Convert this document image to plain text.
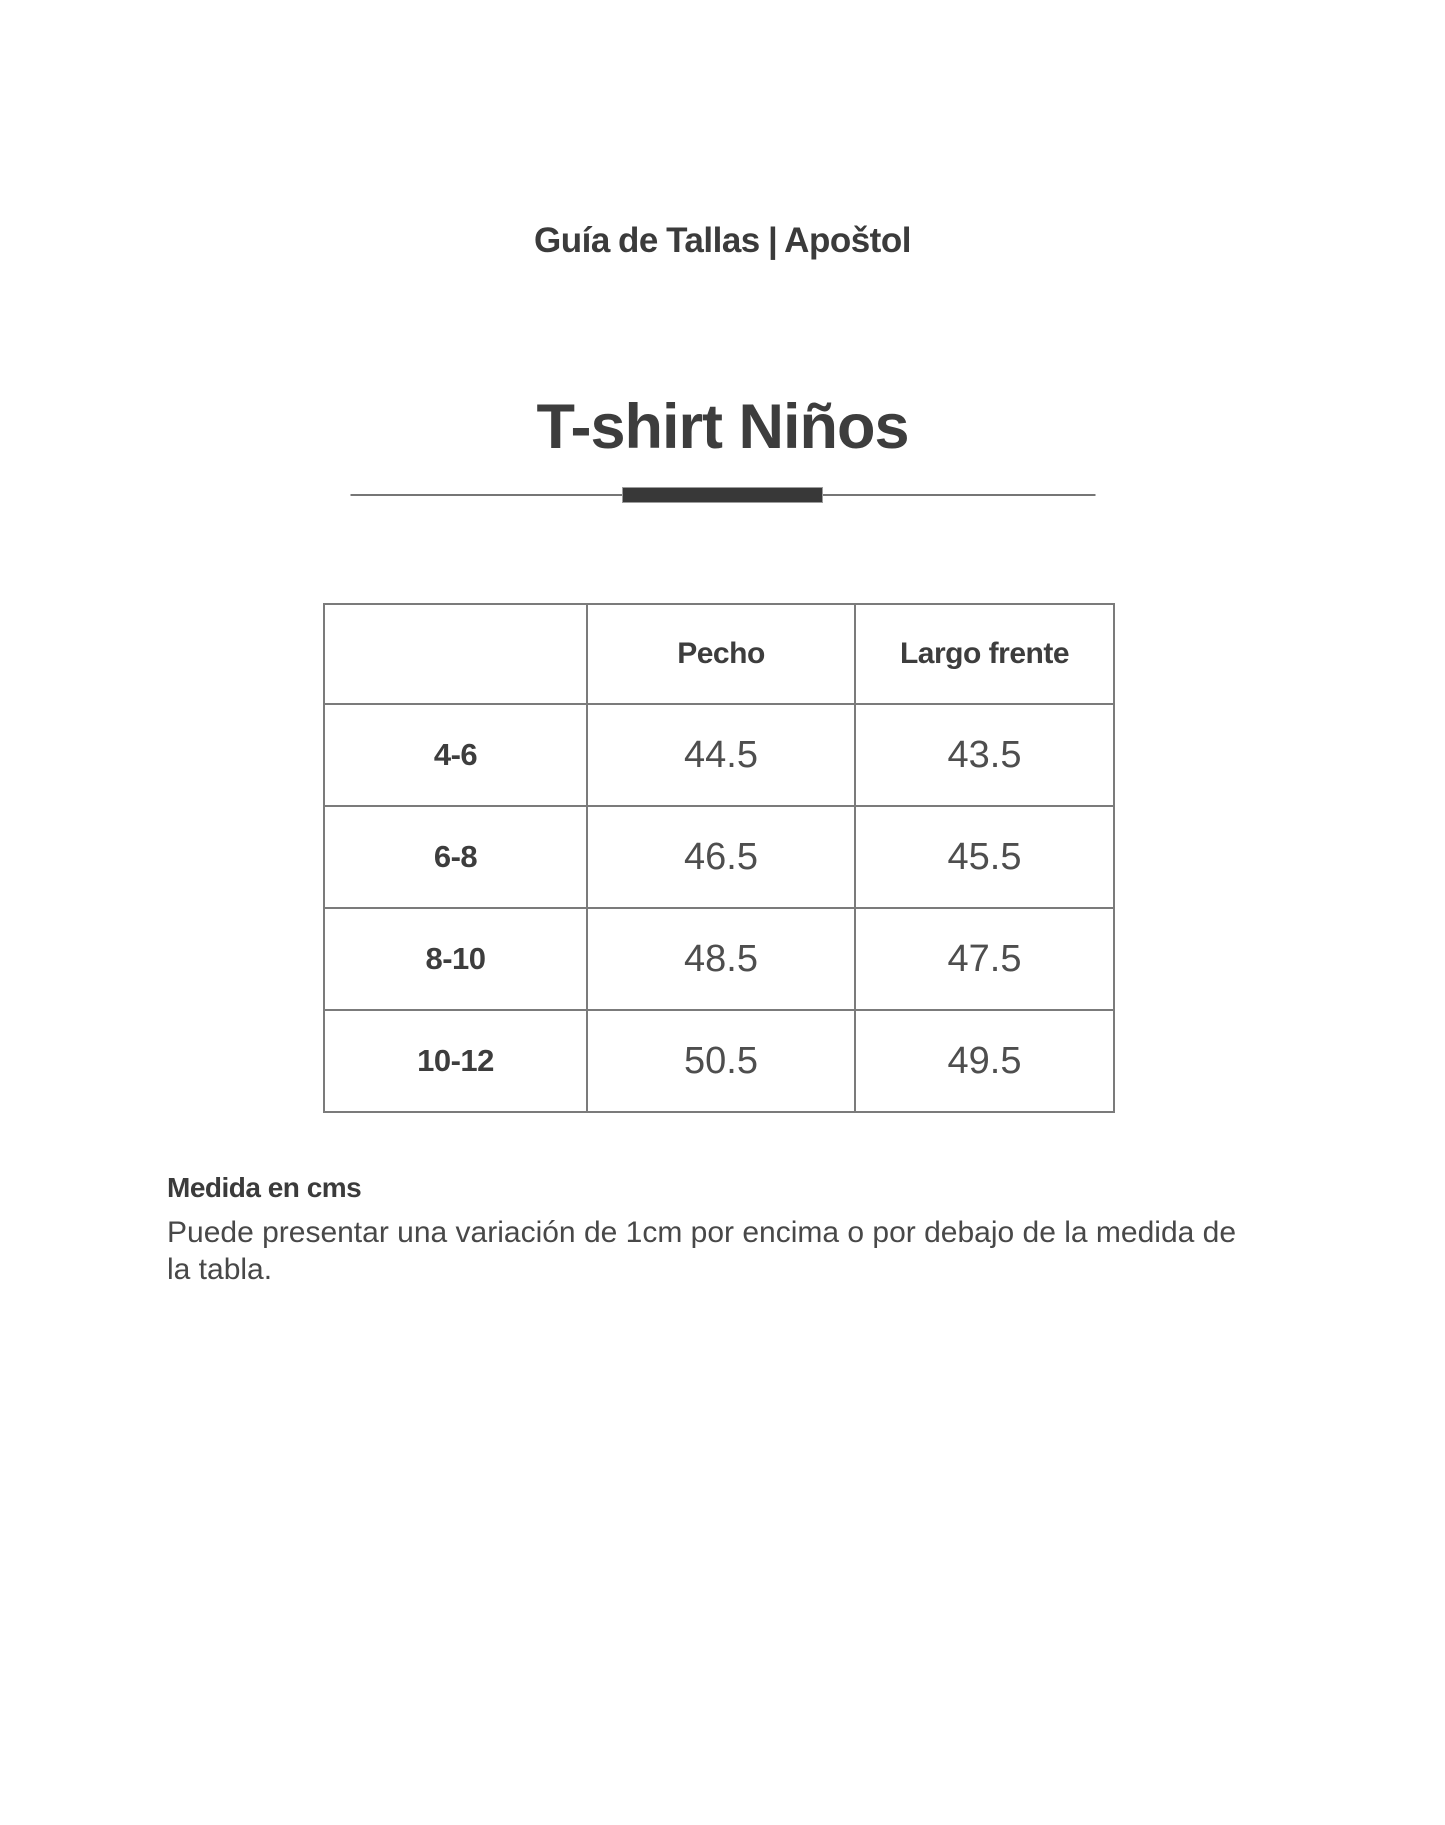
Guía de Tallas | Apoštol
T-shirt Niños
	Pecho	Largo frente
4-6	44.5	43.5
6-8	46.5	45.5
8-10	48.5	47.5
10-12	50.5	49.5
Medida en cms

Puede presentar una variación de 1cm por encima o por debajo de la medida de
la tabla.
